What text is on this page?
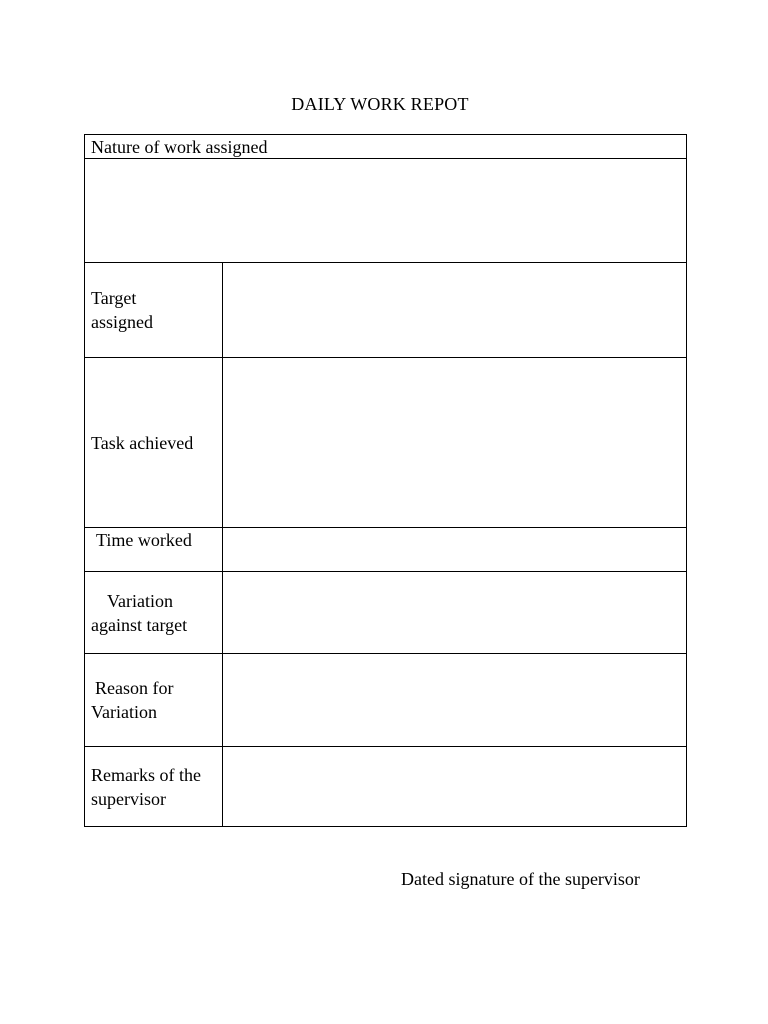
DAILY WORK REPOT
Nature of work assigned	

Target
assigned	

Task achieved	

Time worked	

Variation
against target	

Reason for
Variation	

Remarks of the
supervisor	

Dated signature of the supervisor
